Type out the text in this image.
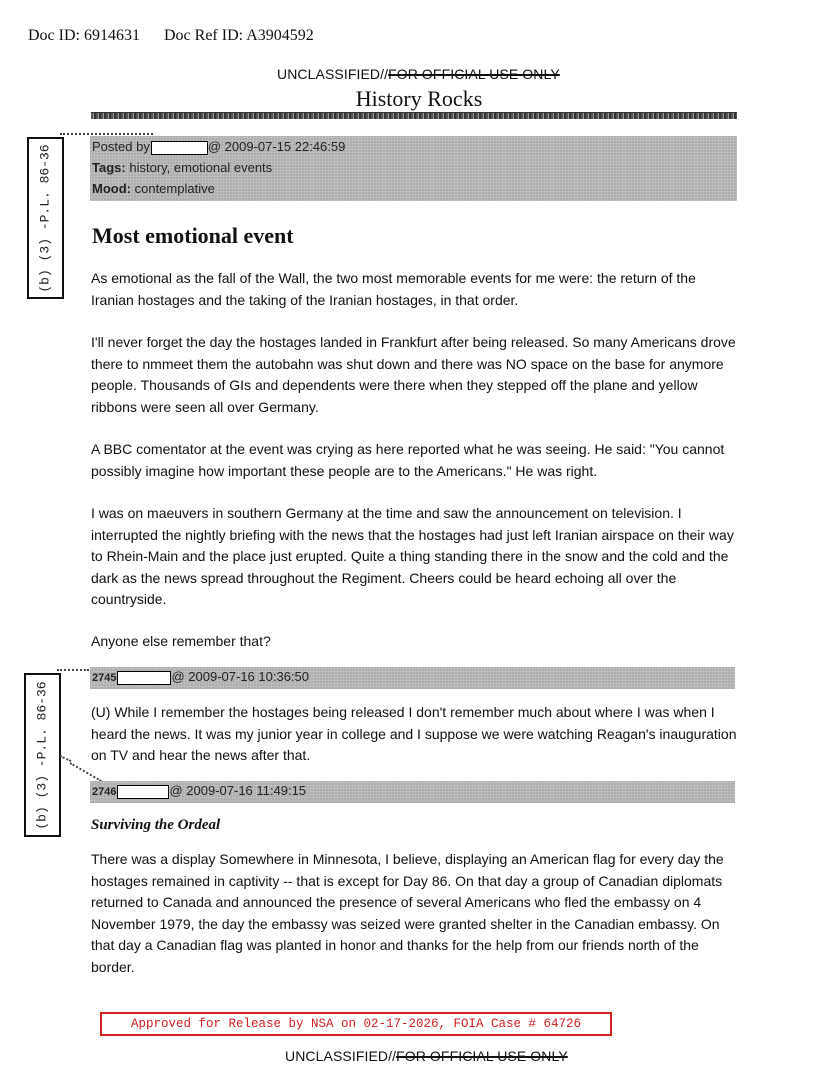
Doc ID: 6914631 Doc Ref ID: A3904592
UNCLASSIFIED//FOR OFFICIAL USE ONLY
History Rocks
(b) (3) -P.L. 86-36
(b) (3) -P.L. 86-36
Posted by	@ 2009-07-15 22:46:59
Tags: history, emotional events
Mood: contemplative
Most emotional event
As emotional as the fall of the Wall, the two most memorable events for me were: the return of the Iranian hostages and the taking of the Iranian hostages, in that order.
I'll never forget the day the hostages landed in Frankfurt after being released. So many Americans drove there to nmmeet them the autobahn was shut down and there was NO space on the base for anymore people. Thousands of GIs and dependents were there when they stepped off the plane and yellow ribbons were seen all over Germany.
A BBC comentator at the event was crying as here reported what he was seeing. He said: "You cannot possibly imagine how important these people are to the Americans." He was right.
I was on maeuvers in southern Germany at the time and saw the announcement on television. I interrupted the nightly briefing with the news that the hostages had just left Iranian airspace on their way to Rhein-Main and the place just erupted. Quite a thing standing there in the snow and the cold and the dark as the news spread throughout the Regiment. Cheers could be heard echoing all over the countryside.
Anyone else remember that?
2745	@ 2009-07-16 10:36:50
(U) While I remember the hostages being released I don't remember much about where I was when I heard the news. It was my junior year in college and I suppose we were watching Reagan's inauguration on TV and hear the news after that.
2746	@ 2009-07-16 11:49:15
Surviving the Ordeal
There was a display Somewhere in Minnesota, I believe, displaying an American flag for every day the hostages remained in captivity -- that is except for Day 86. On that day a group of Canadian diplomats returned to Canada and announced the presence of several Americans who fled the embassy on 4 November 1979, the day the embassy was seized were granted shelter in the Canadian embassy. On that day a Canadian flag was planted in honor and thanks for the help from our friends north of the border.
Approved for Release by NSA on 02-17-2026, FOIA Case # 64726
UNCLASSIFIED//FOR OFFICIAL USE ONLY
